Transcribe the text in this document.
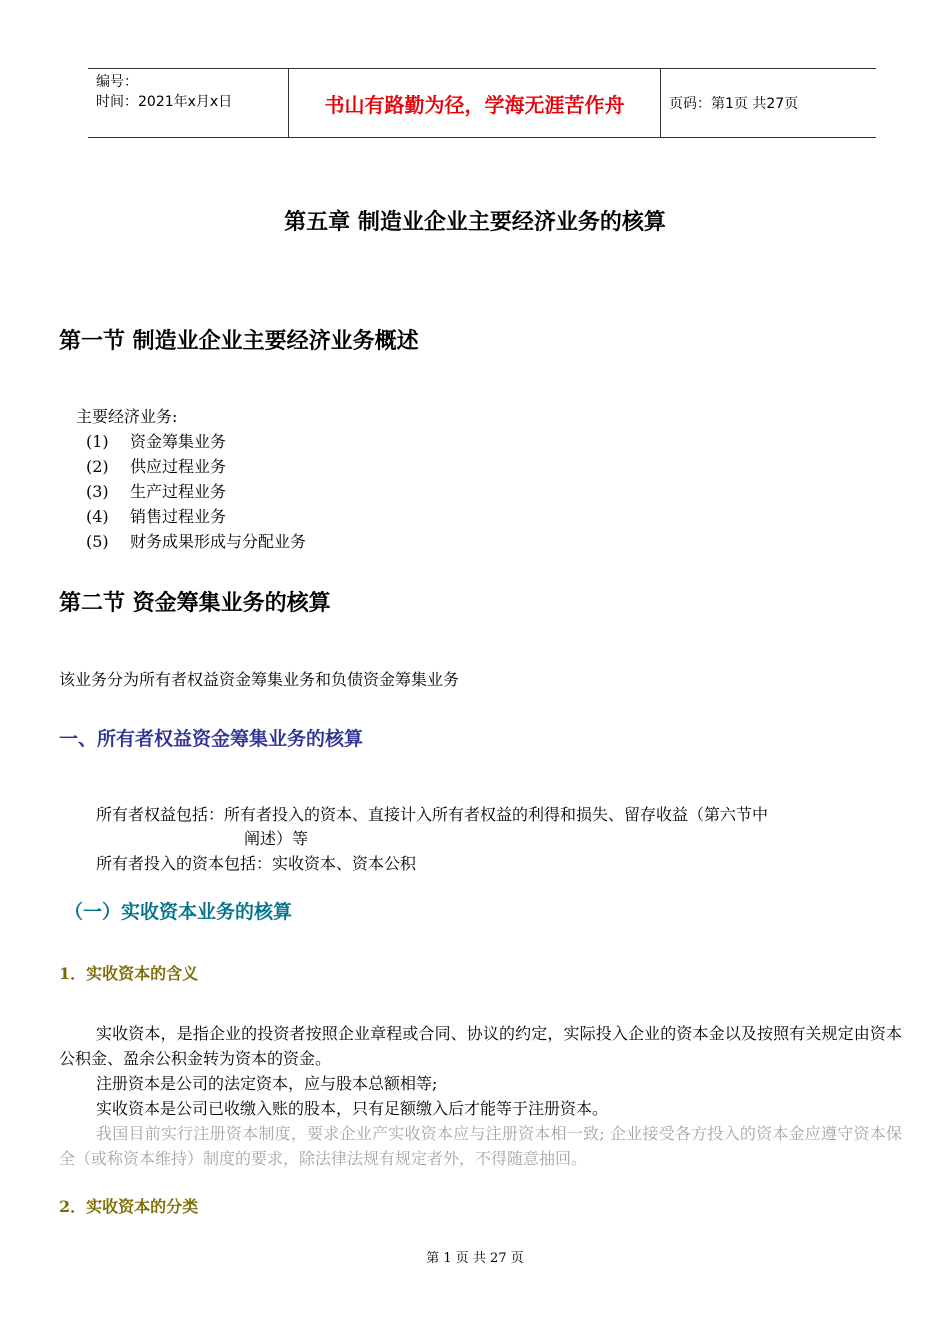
编号：
时间：2021年x月x日	书山有路勤为径，学海无涯苦作舟	页码：第1页 共27页
第五章 制造业企业主要经济业务的核算
第一节 制造业企业主要经济业务概述
主要经济业务:
(1) 资金筹集业务
(2) 供应过程业务
(3) 生产过程业务
(4) 销售过程业务
(5) 财务成果形成与分配业务
第二节 资金筹集业务的核算
该业务分为所有者权益资金筹集业务和负债资金筹集业务
一、所有者权益资金筹集业务的核算
所有者权益包括：所有者投入的资本、直接计入所有者权益的利得和损失、留存收益（第六节中
阐述）等
所有者投入的资本包括：实收资本、资本公积
（一）实收资本业务的核算
1．实收资本的含义
实收资本，是指企业的投资者按照企业章程或合同、协议的约定，实际投入企业的资本金以及按照有关规定由资本公积金、盈余公积金转为资本的资金。
注册资本是公司的法定资本，应与股本总额相等;
实收资本是公司已收缴入账的股本，只有足额缴入后才能等于注册资本。
我国目前实行注册资本制度，要求企业产实收资本应与注册资本相一致; 企业接受各方投入的资本金应遵守资本保全（或称资本维持）制度的要求，除法律法规有规定者外，不得随意抽回。
2．实收资本的分类
第 1 页 共 27 页
